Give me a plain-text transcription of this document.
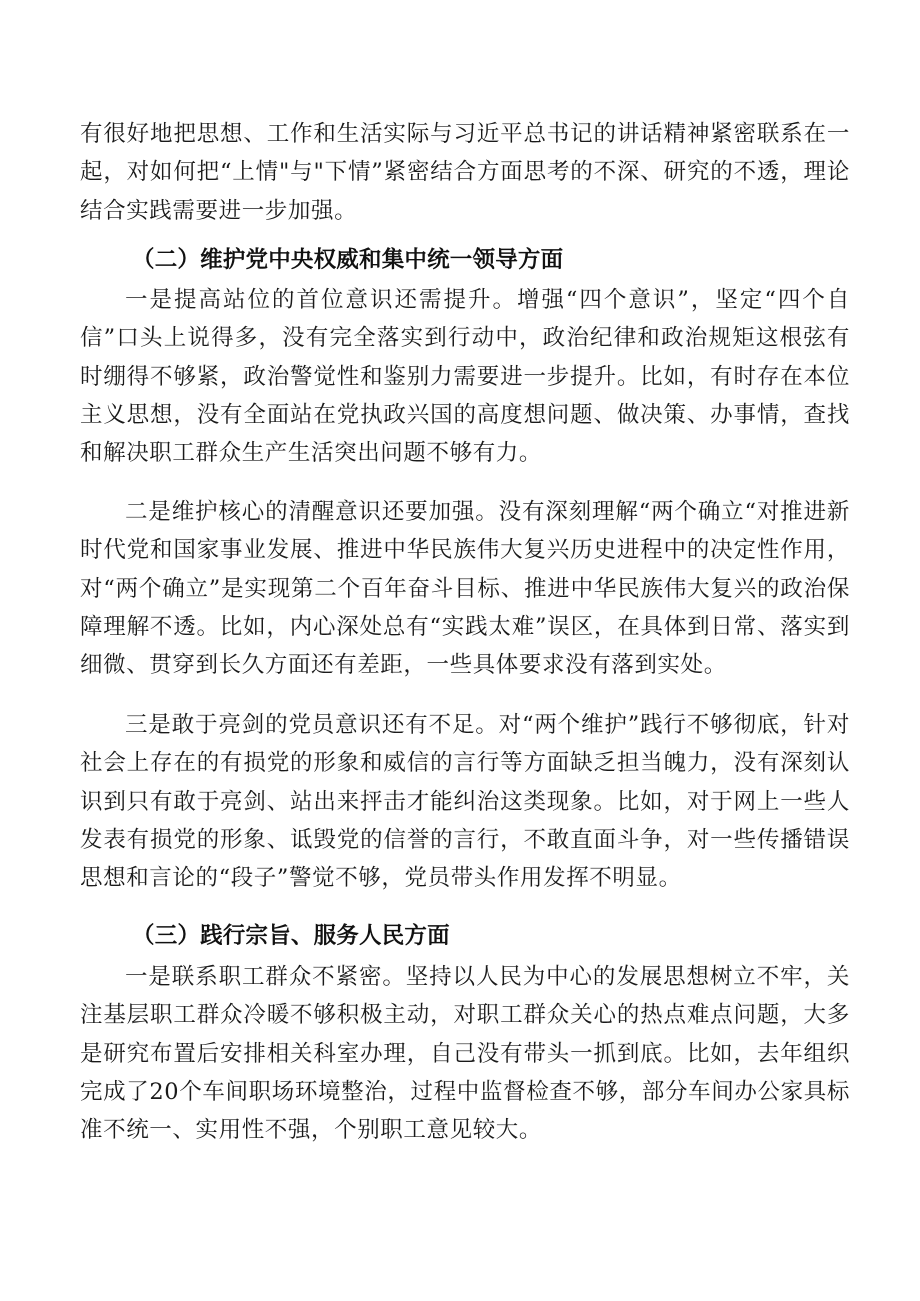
有很好地把思想、工作和生活实际与习近平总书记的讲话精神紧密联系在一起，对如何把“上情"与"下情”紧密结合方面思考的不深、研究的不透，理论结合实践需要进一步加强。

（二）维护党中央权威和集中统一领导方面

一是提高站位的首位意识还需提升。增强“四个意识”，坚定“四个自信”口头上说得多，没有完全落实到行动中，政治纪律和政治规矩这根弦有时绷得不够紧，政治警觉性和鉴别力需要进一步提升。比如，有时存在本位主义思想，没有全面站在党执政兴国的高度想问题、做决策、办事情，查找和解决职工群众生产生活突出问题不够有力。

二是维护核心的清醒意识还要加强。没有深刻理解“两个确立“对推进新时代党和国家事业发展、推进中华民族伟大复兴历史进程中的决定性作用，对“两个确立”是实现第二个百年奋斗目标、推进中华民族伟大复兴的政治保障理解不透。比如，内心深处总有“实践太难”误区，在具体到日常、落实到细微、贯穿到长久方面还有差距，一些具体要求没有落到实处。

三是敢于亮剑的党员意识还有不足。对“两个维护”践行不够彻底，针对社会上存在的有损党的形象和威信的言行等方面缺乏担当魄力，没有深刻认识到只有敢于亮剑、站出来抨击才能纠治这类现象。比如，对于网上一些人发表有损党的形象、诋毁党的信誉的言行，不敢直面斗争，对一些传播错误思想和言论的“段子”警觉不够，党员带头作用发挥不明显。

（三）践行宗旨、服务人民方面

一是联系职工群众不紧密。坚持以人民为中心的发展思想树立不牢，关注基层职工群众冷暖不够积极主动，对职工群众关心的热点难点问题，大多是研究布置后安排相关科室办理，自己没有带头一抓到底。比如，去年组织完成了20个车间职场环境整治，过程中监督检查不够，部分车间办公家具标准不统一、实用性不强，个别职工意见较大。
